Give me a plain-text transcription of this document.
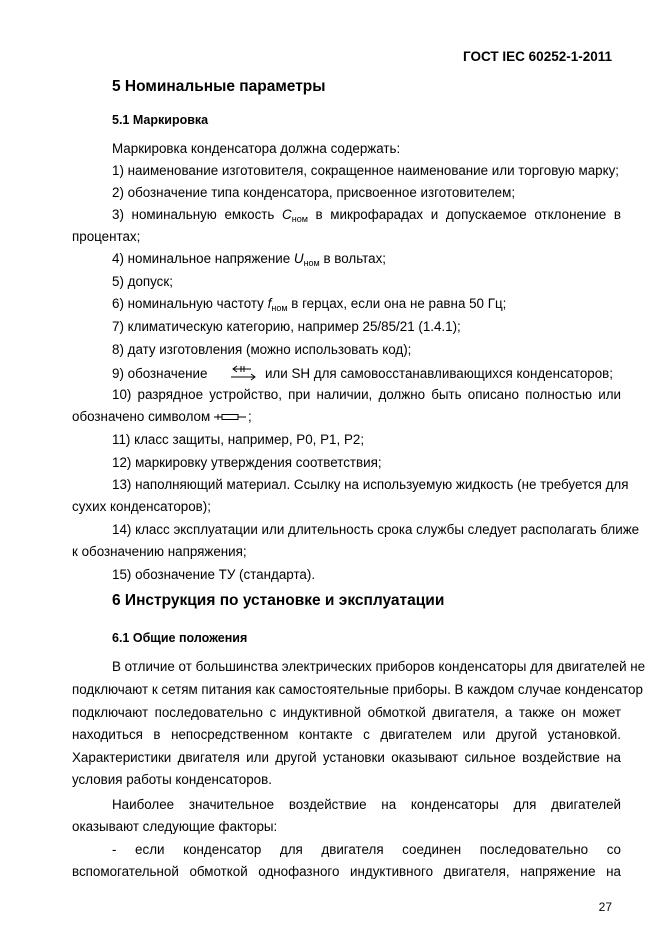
ГОСТ IEC 60252-1-2011
5 Номинальные параметры
5.1 Маркировка
Маркировка конденсатора должна содержать:
1) наименование изготовителя, сокращенное наименование или торговую марку;
2) обозначение типа конденсатора, присвоенное изготовителем;
3) номинальную емкость $C_{ном}$ в микрофарадах и допускаемое отклонение в
процентах;
4) номинальное напряжение $U_{ном}$ в вольтах;
5) допуск;
6) номинальную частоту $f_{ном}$ в герцах, если она не равна 50 Гц;
7) климатическую категорию, например 25/85/21 (1.4.1);
8) дату изготовления (можно использовать код);
9) обозначение	или SH для самовосстанавливающихся конденсаторов;
10) разрядное устройство, при наличии, должно быть описано полностью или
обозначено символом	;
11) класс защиты, например, Р0, Р1, Р2;
12) маркировку утверждения соответствия;
13) наполняющий материал. Ссылку на используемую жидкость (не требуется для
сухих конденсаторов);
14) класс эксплуатации или длительность срока службы следует располагать ближе
к обозначению напряжения;
15) обозначение ТУ (стандарта).
6 Инструкция по установке и эксплуатации
6.1 Общие положения
В отличие от большинства электрических приборов конденсаторы для двигателей не
подключают к сетям питания как самостоятельные приборы. В каждом случае конденсатор
подключают последовательно с индуктивной обмоткой двигателя, а также он может
находиться в непосредственном контакте с двигателем или другой установкой.
Характеристики двигателя или другой установки оказывают сильное воздействие на
условия работы конденсаторов.
Наиболее значительное воздействие на конденсаторы для двигателей
оказывают следующие факторы:
- если конденсатор для двигателя соединен последовательно со
вспомогательной обмоткой однофазного индуктивного двигателя, напряжение на
27
